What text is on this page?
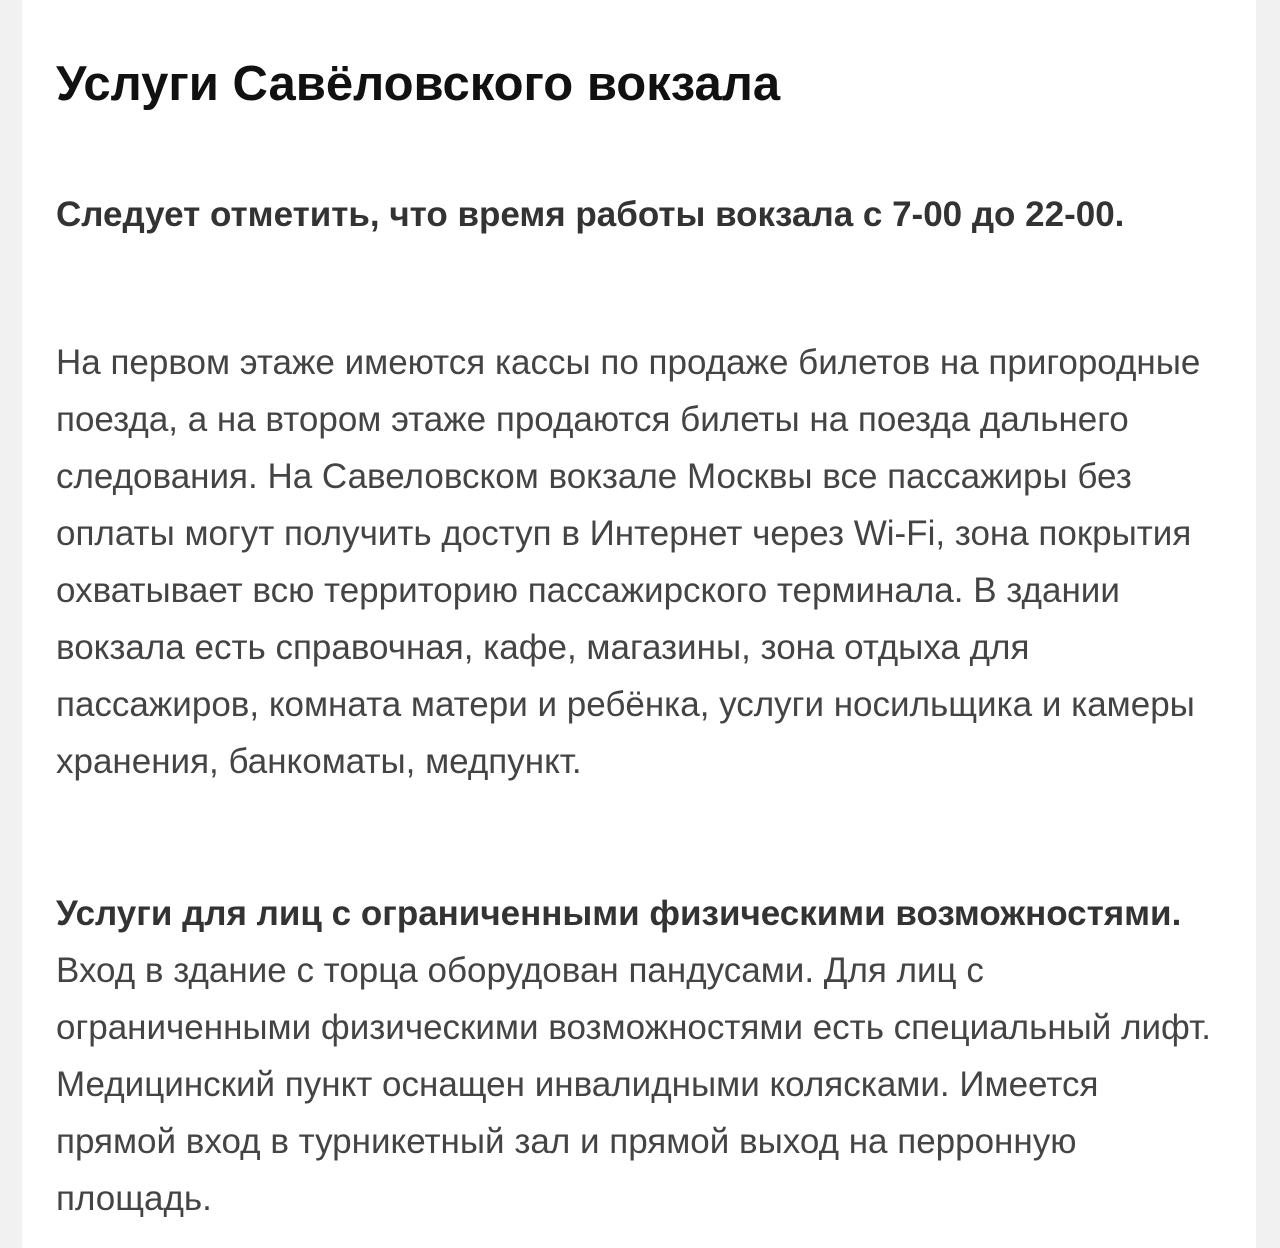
Услуги Савёловского вокзала

Следует отметить, что время работы вокзала с 7-00 до 22-00.

На первом этаже имеются кассы по продаже билетов на пригородные поезда, а на втором этаже продаются билеты на поезда дальнего следования. На Савеловском вокзале Москвы все пассажиры без оплаты могут получить доступ в Интернет через Wi-Fi, зона покрытия охватывает всю территорию пассажирского терминала. В здании вокзала есть справочная, кафе, магазины, зона отдыха для пассажиров, комната матери и ребёнка, услуги носильщика и камеры хранения, банкоматы, медпункт.

Услуги для лиц с ограниченными физическими возможностями. Вход в здание с торца оборудован пандусами. Для лиц с ограниченными физическими возможностями есть специальный лифт. Медицинский пункт оснащен инвалидными колясками. Имеется прямой вход в турникетный зал и прямой выход на перронную площадь.
